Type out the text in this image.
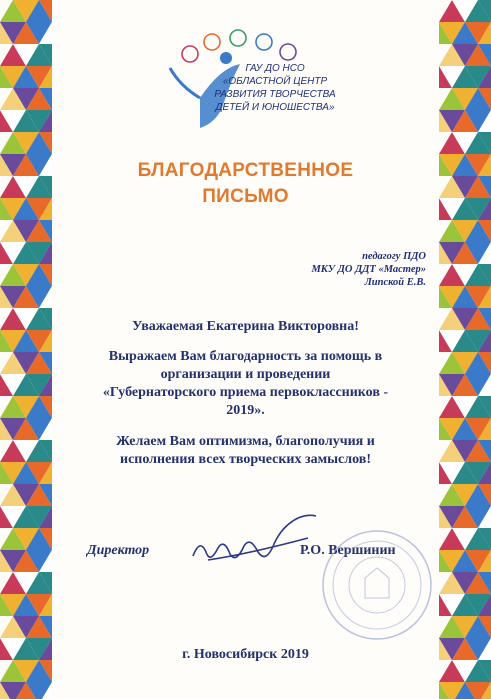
ГАУ ДО НСО
«ОБЛАСТНОЙ ЦЕНТР
РАЗВИТИЯ ТВОРЧЕСТВА
ДЕТЕЙ И ЮНОШЕСТВА»
БЛАГОДАРСТВЕННОЕ
ПИСЬМО
педагогу ПДО
МКУ ДО ДДТ «Мастер»
Липской Е.В.
Уважаемая Екатерина Викторовна!
Выражаем Вам благодарность за помощь в
организации и проведении
«Губернаторского приема первоклассников -
2019».
Желаем Вам оптимизма, благополучия и
исполнения всех творческих замыслов!
Директор	Р.О. Вершинин
г. Новосибирск 2019
